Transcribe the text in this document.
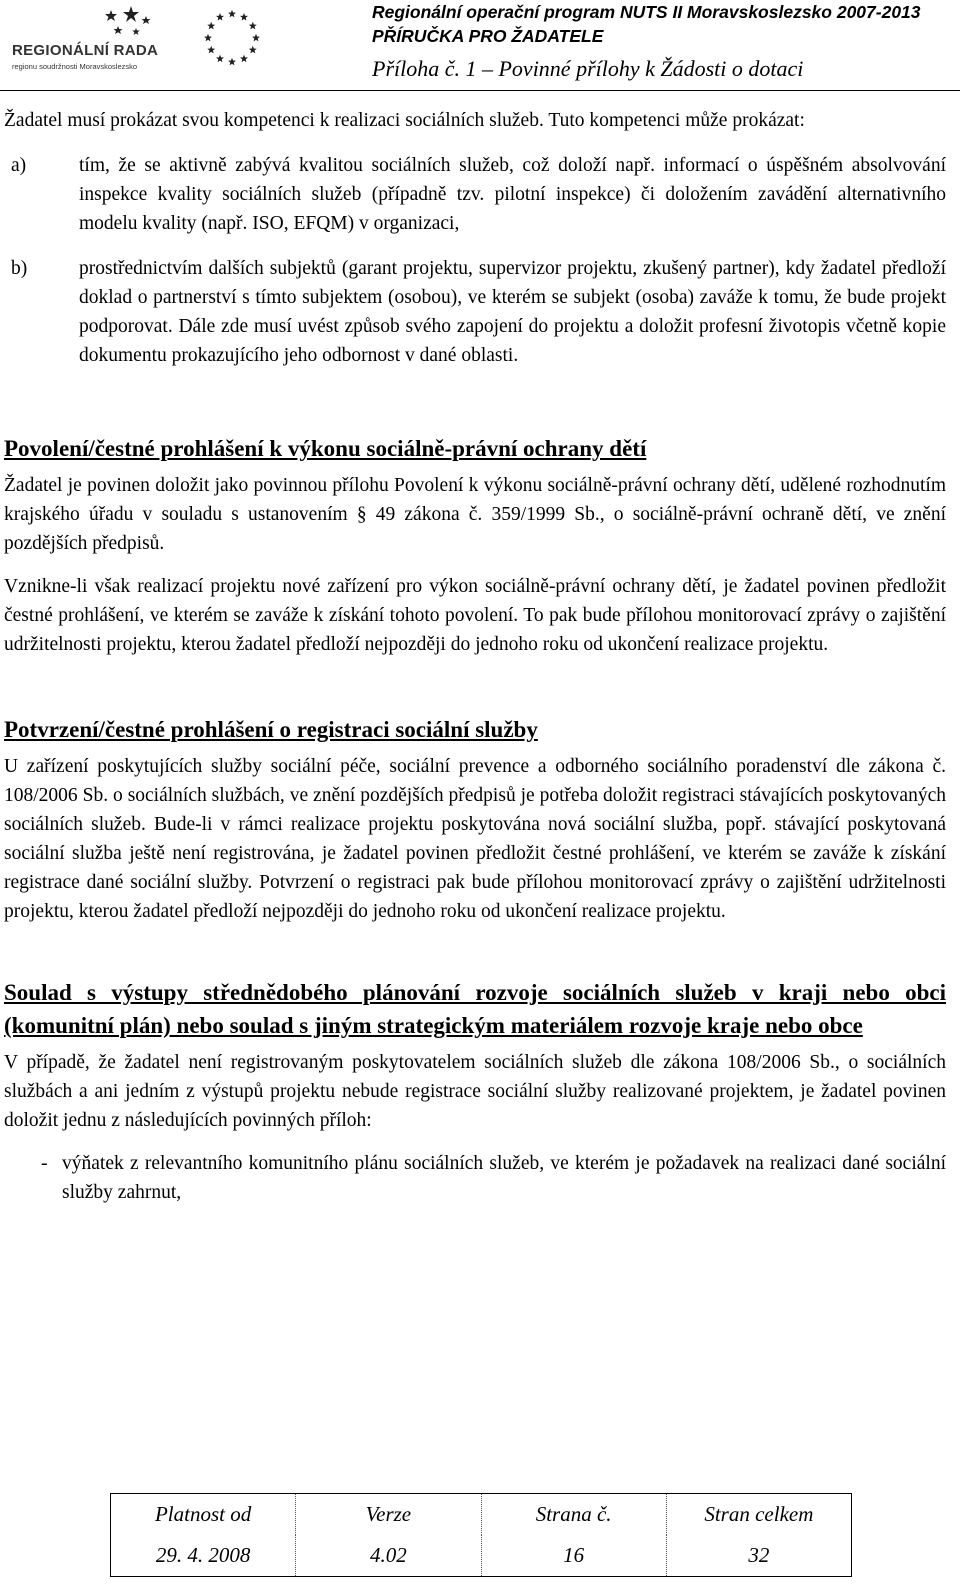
REGIONÁLNÍ RADA
regionu soudržnosti Moravskoslezsko
Regionální operační program NUTS II Moravskoslezsko 2007-2013
PŘÍRUČKA PRO ŽADATELE
Příloha č. 1 – Povinné přílohy k Žádosti o dotaci

Žadatel musí prokázat svou kompetenci k realizaci sociálních služeb. Tuto kompetenci může prokázat:

a)	tím, že se aktivně zabývá kvalitou sociálních služeb, což doloží např. informací o úspěšném absolvování inspekce kvality sociálních služeb (případně tzv. pilotní inspekce) či doložením zavádění alternativního modelu kvality (např. ISO, EFQM) v organizaci,

b)	prostřednictvím dalších subjektů (garant projektu, supervizor projektu, zkušený partner), kdy žadatel předloží doklad o partnerství s tímto subjektem (osobou), ve kterém se subjekt (osoba) zaváže k tomu, že bude projekt podporovat. Dále zde musí uvést způsob svého zapojení do projektu a doložit profesní životopis včetně kopie dokumentu prokazujícího jeho odbornost v dané oblasti.

Povolení/čestné prohlášení k výkonu sociálně-právní ochrany dětí

Žadatel je povinen doložit jako povinnou přílohu Povolení k výkonu sociálně-právní ochrany dětí, udělené rozhodnutím krajského úřadu v souladu s ustanovením § 49 zákona č. 359/1999 Sb., o sociálně-právní ochraně dětí, ve znění pozdějších předpisů.

Vznikne-li však realizací projektu nové zařízení pro výkon sociálně-právní ochrany dětí, je žadatel povinen předložit čestné prohlášení, ve kterém se zaváže k získání tohoto povolení. To pak bude přílohou monitorovací zprávy o zajištění udržitelnosti projektu, kterou žadatel předloží nejpozději do jednoho roku od ukončení realizace projektu.

Potvrzení/čestné prohlášení o registraci sociální služby

U zařízení poskytujících služby sociální péče, sociální prevence a odborného sociálního poradenství dle zákona č. 108/2006 Sb. o sociálních službách, ve znění pozdějších předpisů je potřeba doložit registraci stávajících poskytovaných sociálních služeb. Bude-li v rámci realizace projektu poskytována nová sociální služba, popř. stávající poskytovaná sociální služba ještě není registrována, je žadatel povinen předložit čestné prohlášení, ve kterém se zaváže k získání registrace dané sociální služby. Potvrzení o registraci pak bude přílohou monitorovací zprávy o zajištění udržitelnosti projektu, kterou žadatel předloží nejpozději do jednoho roku od ukončení realizace projektu.

Soulad s výstupy střednědobého plánování rozvoje sociálních služeb v kraji nebo obci (komunitní plán) nebo soulad s jiným strategickým materiálem rozvoje kraje nebo obce

V případě, že žadatel není registrovaným poskytovatelem sociálních služeb dle zákona 108/2006 Sb., o sociálních službách a ani jedním z výstupů projektu nebude registrace sociální služby realizované projektem, je žadatel povinen doložit jednu z následujících povinných příloh:

- výňatek z relevantního komunitního plánu sociálních služeb, ve kterém je požadavek na realizaci dané sociální služby zahrnut,

Platnost od	Verze	Strana č.	Stran celkem
29. 4. 2008	4.02	16	32
